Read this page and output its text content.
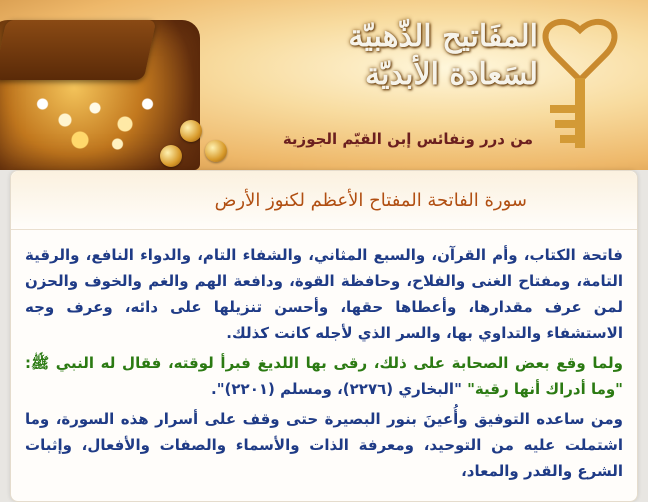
المفَاتيح الذّهبيّة
لسَعادة الأبديّة
من درر ونفائس إبن القيّم الجوزية
سورة الفاتحة المفتاح الأعظم لكنوز الأرض

فاتحة الكتاب، وأم القرآن، والسبع المثاني، والشفاء التام، والدواء النافع، والرقية التامة، ومفتاح الغنى والفلاح، وحافظة القوة، ودافعة الهم والغم والخوف والحزن لمن عرف مقدارها، وأعطاها حقها، وأحسن تنزيلها على دائه، وعرف وجه الاستشفاء والتداوي بها، والسر الذي لأجله كانت كذلك.

ولما وقع بعض الصحابة على ذلك، رقى بها اللديغ فبرأ لوقته، فقال له النبي ﷺ: "وما أدراك أنها رقية" "البخاري (٢٢٧٦)، ومسلم (٢٢٠١)".

ومن ساعده التوفيق وأُعينَ بنور البصيرة حتى وقف على أسرار هذه السورة، وما اشتملت عليه من التوحيد، ومعرفة الذات والأسماء والصفات والأفعال، وإثبات الشرع والقدر والمعاد،
